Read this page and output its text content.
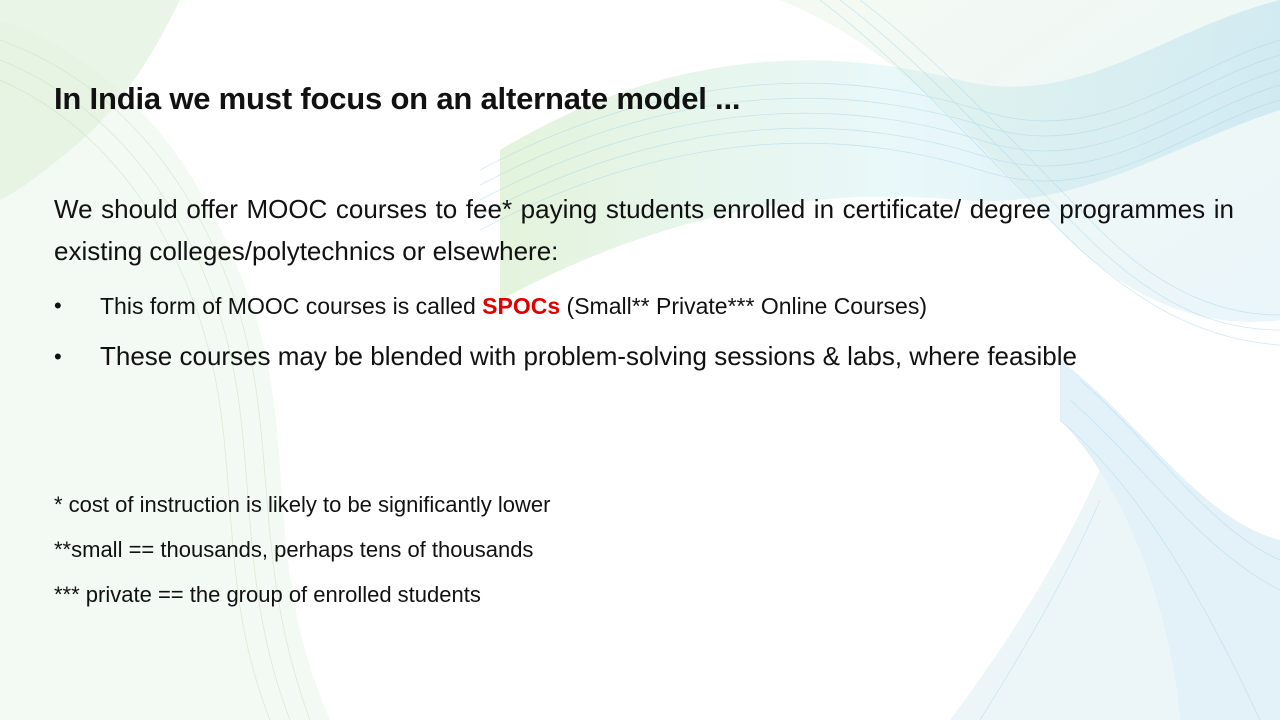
In India we must focus on an alternate model ...
We should offer MOOC courses to fee* paying students enrolled in certificate/ degree programmes in existing colleges/polytechnics or elsewhere:
• This form of MOOC courses is called SPOCs (Small** Private*** Online Courses)
• These courses may be blended with problem-solving sessions & labs, where feasible
* cost of instruction is likely to be significantly lower
**small == thousands, perhaps tens of thousands
*** private == the group of enrolled students
